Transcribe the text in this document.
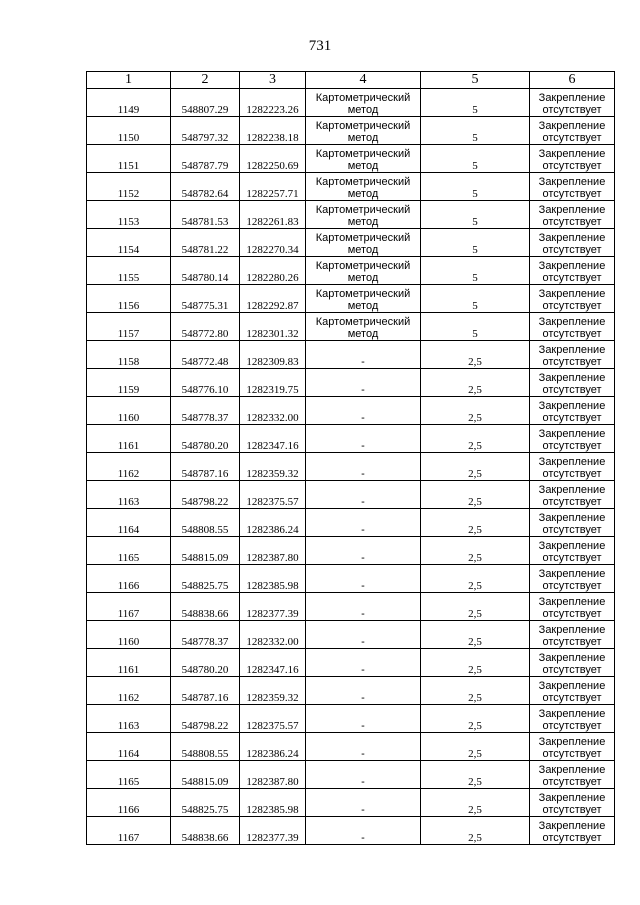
731
1	2	3	4	5	6
1149	548807.29	1282223.26	Картометрический метод	5	Закрепление отсутствует
1150	548797.32	1282238.18	Картометрический метод	5	Закрепление отсутствует
1151	548787.79	1282250.69	Картометрический метод	5	Закрепление отсутствует
1152	548782.64	1282257.71	Картометрический метод	5	Закрепление отсутствует
1153	548781.53	1282261.83	Картометрический метод	5	Закрепление отсутствует
1154	548781.22	1282270.34	Картометрический метод	5	Закрепление отсутствует
1155	548780.14	1282280.26	Картометрический метод	5	Закрепление отсутствует
1156	548775.31	1282292.87	Картометрический метод	5	Закрепление отсутствует
1157	548772.80	1282301.32	Картометрический метод	5	Закрепление отсутствует
1158	548772.48	1282309.83	-	2,5	Закрепление отсутствует
1159	548776.10	1282319.75	-	2,5	Закрепление отсутствует
1160	548778.37	1282332.00	-	2,5	Закрепление отсутствует
1161	548780.20	1282347.16	-	2,5	Закрепление отсутствует
1162	548787.16	1282359.32	-	2,5	Закрепление отсутствует
1163	548798.22	1282375.57	-	2,5	Закрепление отсутствует
1164	548808.55	1282386.24	-	2,5	Закрепление отсутствует
1165	548815.09	1282387.80	-	2,5	Закрепление отсутствует
1166	548825.75	1282385.98	-	2,5	Закрепление отсутствует
1167	548838.66	1282377.39	-	2,5	Закрепление отсутствует
1160	548778.37	1282332.00	-	2,5	Закрепление отсутствует
1161	548780.20	1282347.16	-	2,5	Закрепление отсутствует
1162	548787.16	1282359.32	-	2,5	Закрепление отсутствует
1163	548798.22	1282375.57	-	2,5	Закрепление отсутствует
1164	548808.55	1282386.24	-	2,5	Закрепление отсутствует
1165	548815.09	1282387.80	-	2,5	Закрепление отсутствует
1166	548825.75	1282385.98	-	2,5	Закрепление отсутствует
1167	548838.66	1282377.39	-	2,5	Закрепление отсутствует
